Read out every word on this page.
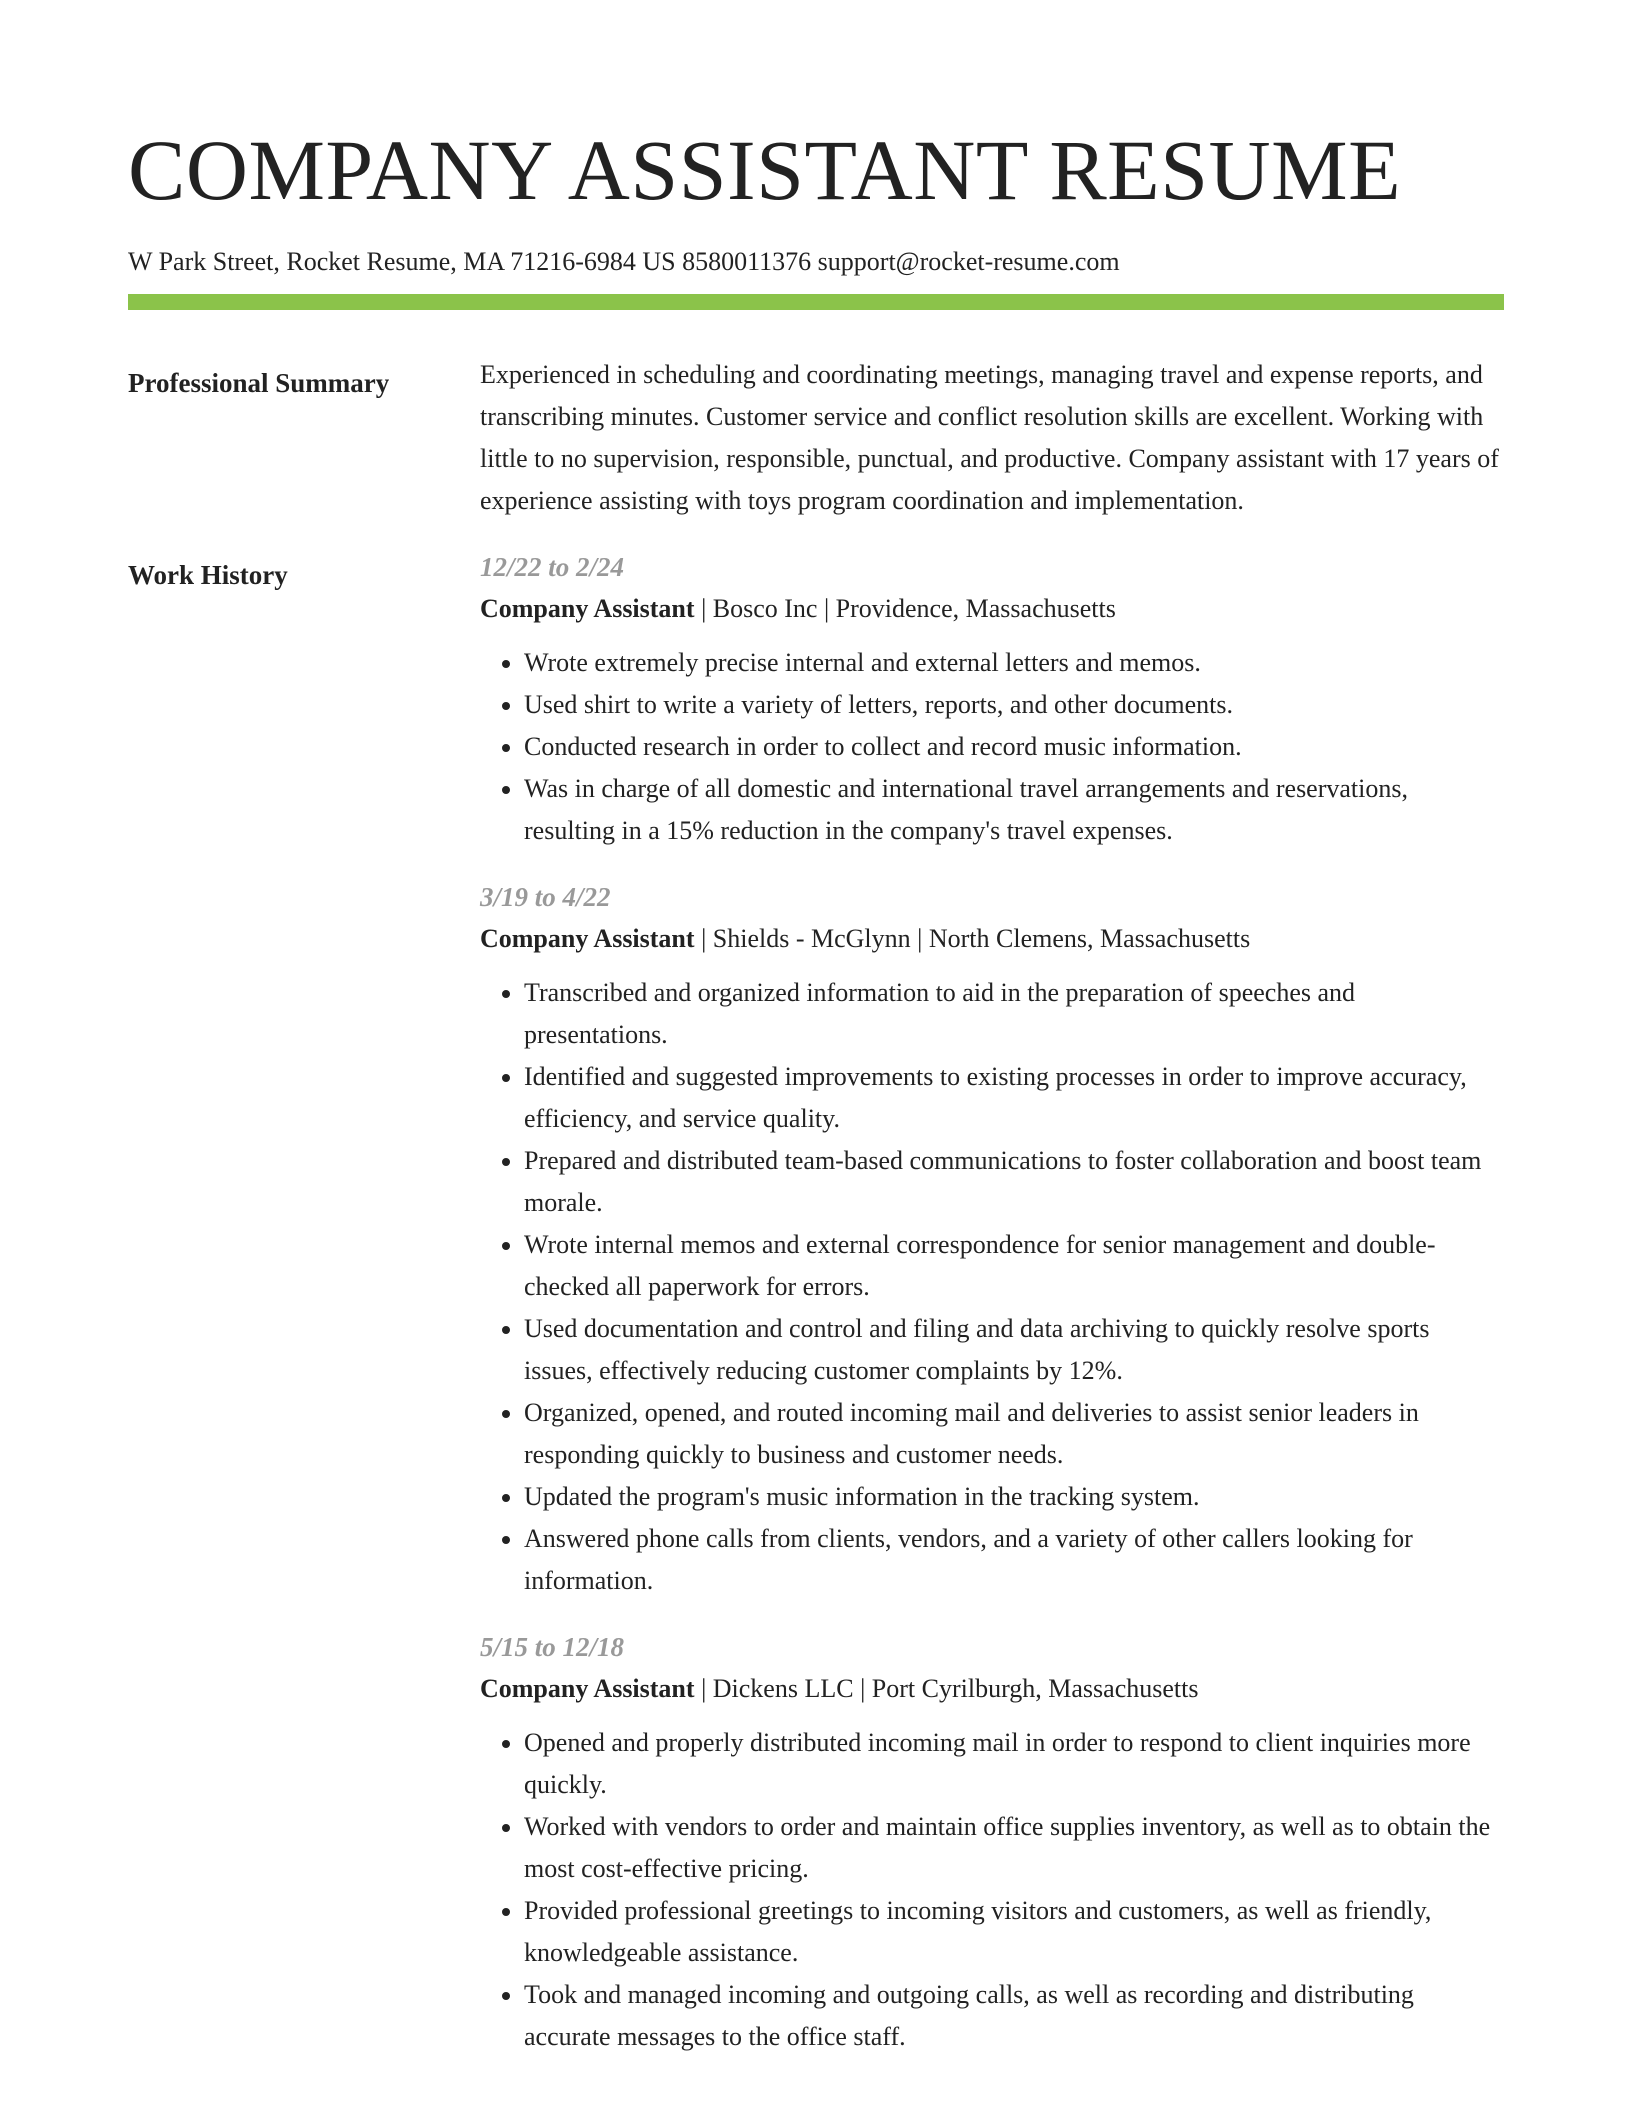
COMPANY ASSISTANT RESUME
W Park Street, Rocket Resume, MA 71216-6984 US 8580011376 support@rocket-resume.com
Professional Summary	Experienced in scheduling and coordinating meetings, managing travel and expense reports, and transcribing minutes. Customer service and conflict resolution skills are excellent. Working with little to no supervision, responsible, punctual, and productive. Company assistant with 17 years of experience assisting with toys program coordination and implementation.

Work History	12/22 to 2/24
Company Assistant | Bosco Inc | Providence, Massachusetts
• Wrote extremely precise internal and external letters and memos.
• Used shirt to write a variety of letters, reports, and other documents.
• Conducted research in order to collect and record music information.
• Was in charge of all domestic and international travel arrangements and reservations, resulting in a 15% reduction in the company's travel expenses.
3/19 to 4/22
Company Assistant | Shields - McGlynn | North Clemens, Massachusetts
• Transcribed and organized information to aid in the preparation of speeches and presentations.
• Identified and suggested improvements to existing processes in order to improve accuracy, efficiency, and service quality.
• Prepared and distributed team-based communications to foster collaboration and boost team morale.
• Wrote internal memos and external correspondence for senior management and double-checked all paperwork for errors.
• Used documentation and control and filing and data archiving to quickly resolve sports issues, effectively reducing customer complaints by 12%.
• Organized, opened, and routed incoming mail and deliveries to assist senior leaders in responding quickly to business and customer needs.
• Updated the program's music information in the tracking system.
• Answered phone calls from clients, vendors, and a variety of other callers looking for information.
5/15 to 12/18
Company Assistant | Dickens LLC | Port Cyrilburgh, Massachusetts
• Opened and properly distributed incoming mail in order to respond to client inquiries more quickly.
• Worked with vendors to order and maintain office supplies inventory, as well as to obtain the most cost-effective pricing.
• Provided professional greetings to incoming visitors and customers, as well as friendly, knowledgeable assistance.
• Took and managed incoming and outgoing calls, as well as recording and distributing accurate messages to the office staff.
